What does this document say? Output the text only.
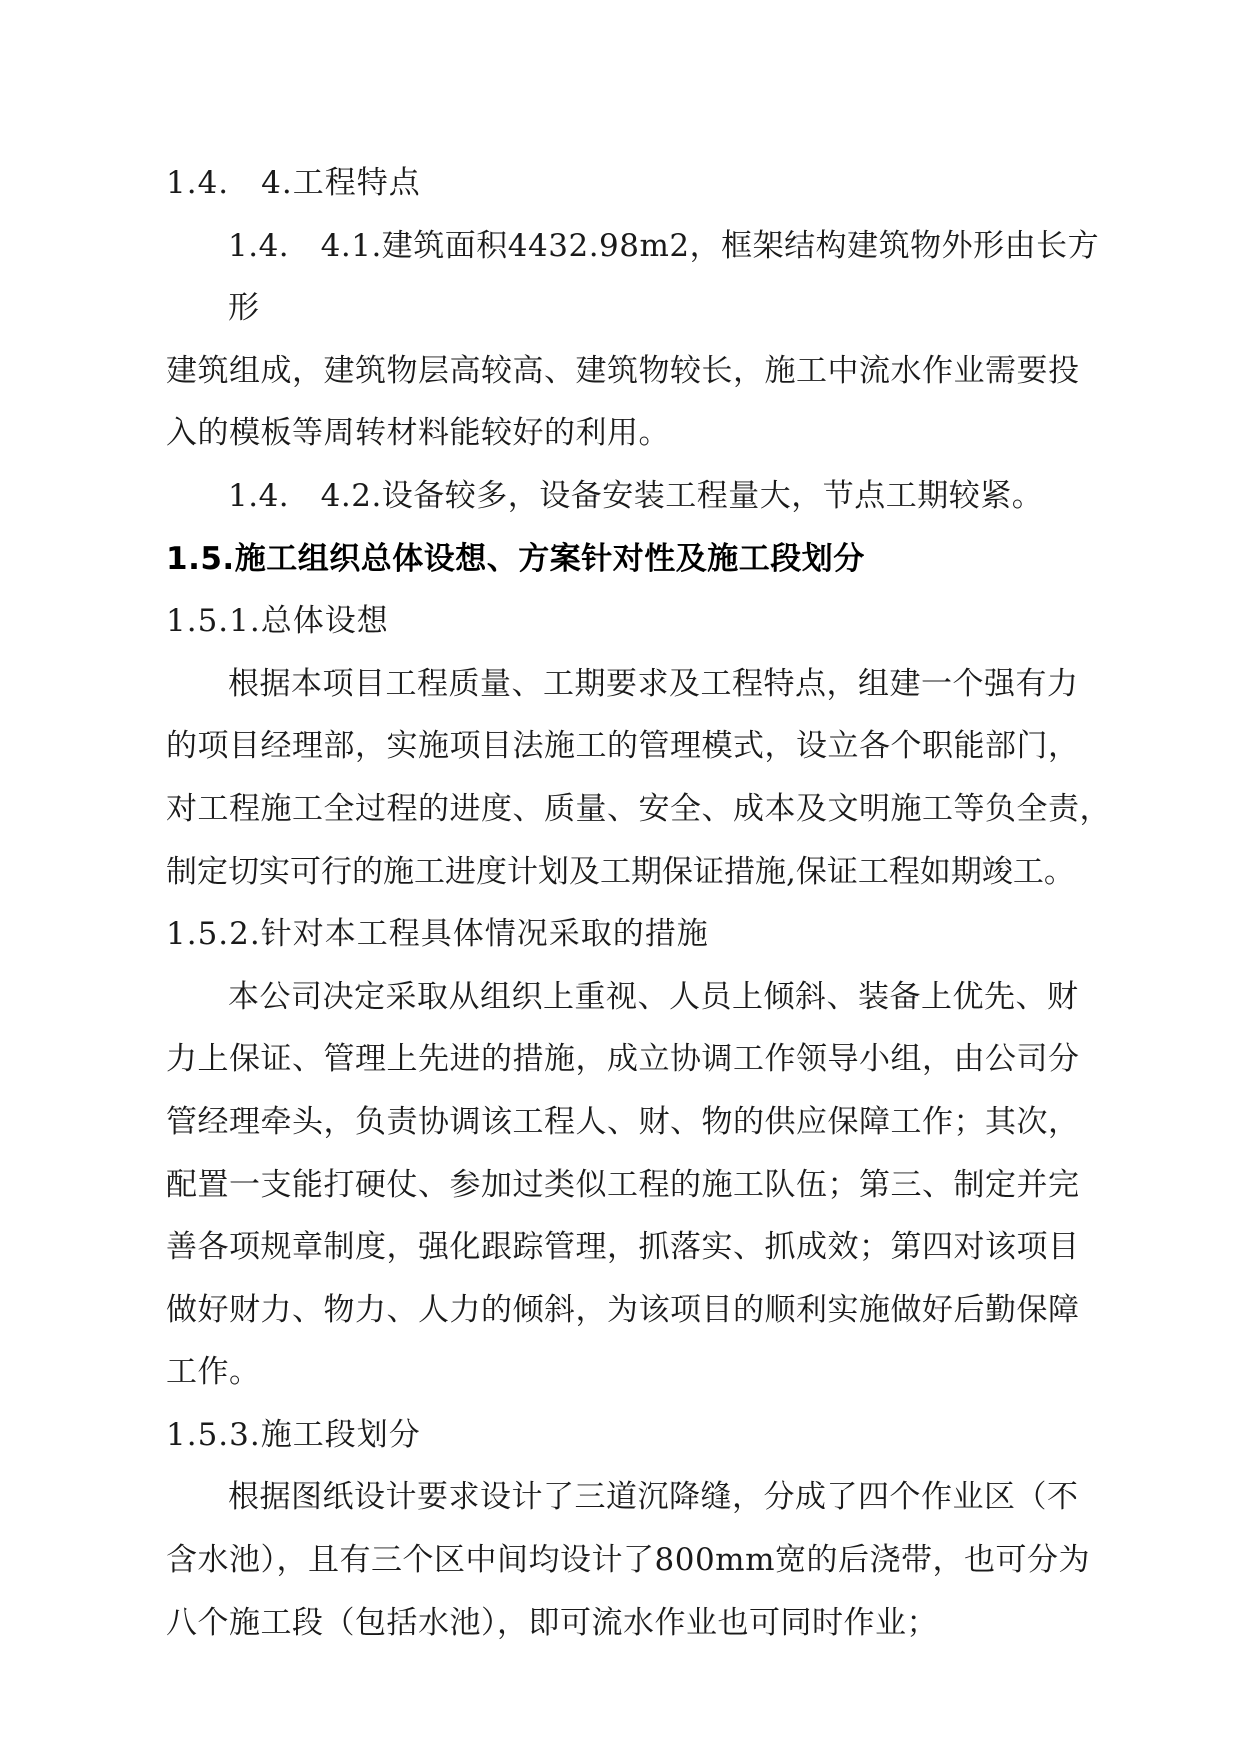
1.4.　4.工程特点

1.4.　4.1.建筑面积4432.98m2，框架结构建筑物外形由长方形

建筑组成，建筑物层高较高、建筑物较长，施工中流水作业需要投

入的模板等周转材料能较好的利用。

1.4.　4.2.设备较多，设备安装工程量大，节点工期较紧。

1.5.施工组织总体设想、方案针对性及施工段划分

1.5.1.总体设想

根据本项目工程质量、工期要求及工程特点，组建一个强有力

的项目经理部，实施项目法施工的管理模式，设立各个职能部门，

对工程施工全过程的进度、质量、安全、成本及文明施工等负全责，

制定切实可行的施工进度计划及工期保证措施,保证工程如期竣工。

1.5.2.针对本工程具体情况采取的措施

本公司决定采取从组织上重视、人员上倾斜、装备上优先、财

力上保证、管理上先进的措施，成立协调工作领导小组，由公司分

管经理牵头，负责协调该工程人、财、物的供应保障工作；其次，

配置一支能打硬仗、参加过类似工程的施工队伍；第三、制定并完

善各项规章制度，强化跟踪管理，抓落实、抓成效；第四对该项目

做好财力、物力、人力的倾斜，为该项目的顺利实施做好后勤保障

工作。

1.5.3.施工段划分

根据图纸设计要求设计了三道沉降缝，分成了四个作业区（不

含水池），且有三个区中间均设计了800mm宽的后浇带，也可分为

八个施工段（包括水池），即可流水作业也可同时作业；
